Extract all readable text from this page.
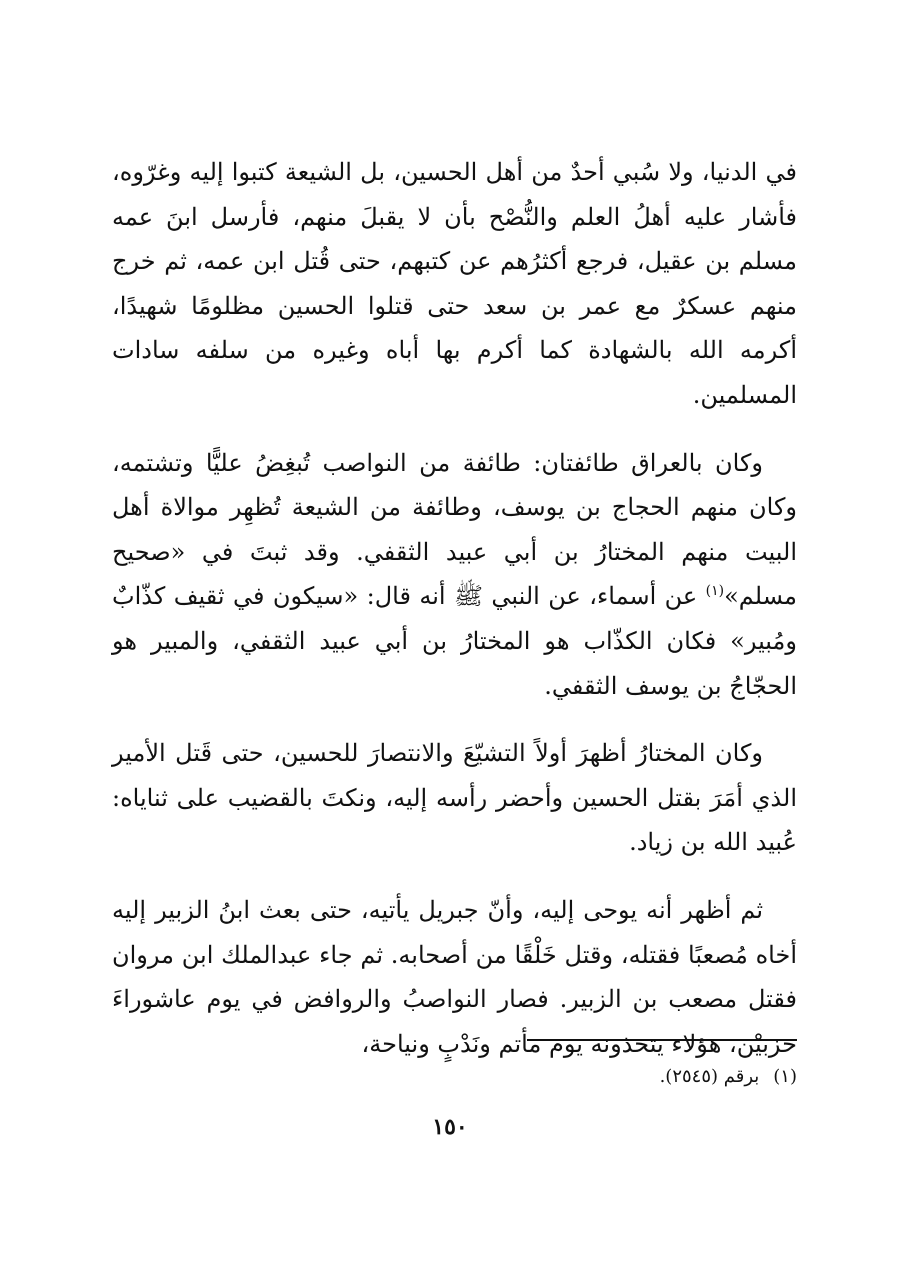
في الدنيا، ولا سُبي أحدٌ من أهل الحسين، بل الشيعة كتبوا إليه وغرّوه، فأشار عليه أهلُ العلم والنُّصْح بأن لا يقبلَ منهم، فأرسل ابنَ عمه مسلم بن عقيل، فرجع أكثرُهم عن كتبهم، حتى قُتل ابن عمه، ثم خرج منهم عسكرٌ مع عمر بن سعد حتى قتلوا الحسين مظلومًا شهيدًا، أكرمه الله بالشهادة كما أكرم بها أباه وغيره من سلفه سادات المسلمين.

وكان بالعراق طائفتان: طائفة من النواصب تُبغِضُ عليًّا وتشتمه، وكان منهم الحجاج بن يوسف، وطائفة من الشيعة تُظهِر موالاة أهل البيت منهم المختارُ بن أبي عبيد الثقفي. وقد ثبتَ في «صحيح مسلم»$^{(١)}$ عن أسماء، عن النبي ﷺ أنه قال: «سيكون في ثقيف كذّابٌ ومُبير» فكان الكذّاب هو المختارُ بن أبي عبيد الثقفي، والمبير هو الحجّاجُ بن يوسف الثقفي.

وكان المختارُ أظهرَ أولاً التشيّعَ والانتصارَ للحسين، حتى قَتل الأمير الذي أمَرَ بقتل الحسين وأحضر رأسه إليه، ونكتَ بالقضيب على ثناياه: عُبيد الله بن زياد.

ثم أظهر أنه يوحى إليه، وأنّ جبريل يأتيه، حتى بعث ابنُ الزبير إليه أخاه مُصعبًا فقتله، وقتل خَلْقًا من أصحابه. ثم جاء عبدالملك ابن مروان فقتل مصعب بن الزبير. فصار النواصبُ والروافض في يوم عاشوراءَ حزبيْن، هؤلاء يتخذونه يوم مأتم ونَدْبٍ ونياحة،

(١)برقم (٢٥٤٥).
١٥٠
